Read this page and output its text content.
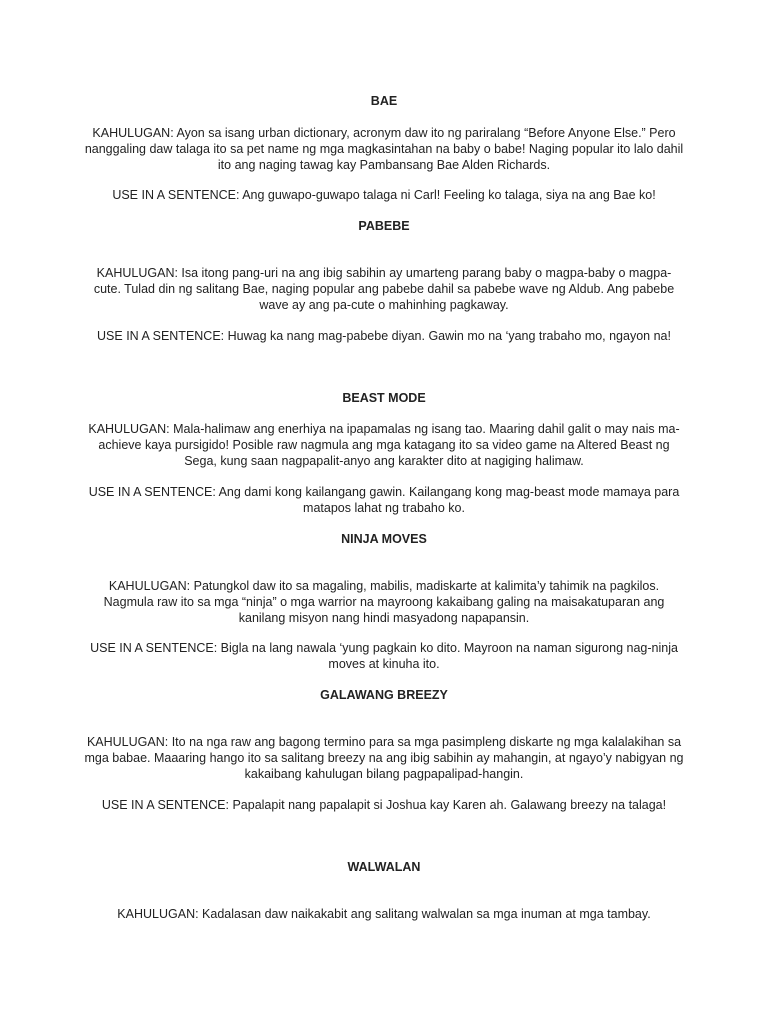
BAE

KAHULUGAN: Ayon sa isang urban dictionary, acronym daw ito ng pariralang “Before Anyone Else.” Pero nanggaling daw talaga ito sa pet name ng mga magkasintahan na baby o babe! Naging popular ito lalo dahil ito ang naging tawag kay Pambansang Bae Alden Richards.

USE IN A SENTENCE: Ang guwapo-guwapo talaga ni Carl! Feeling ko talaga, siya na ang Bae ko!

PABEBE

KAHULUGAN: Isa itong pang-uri na ang ibig sabihin ay umarteng parang baby o magpa-baby o magpa-cute. Tulad din ng salitang Bae, naging popular ang pabebe dahil sa pabebe wave ng Aldub. Ang pabebe wave ay ang pa-cute o mahinhing pagkaway.

USE IN A SENTENCE: Huwag ka nang mag-pabebe diyan. Gawin mo na ‘yang trabaho mo, ngayon na!

BEAST MODE

KAHULUGAN: Mala-halimaw ang enerhiya na ipapamalas ng isang tao. Maaring dahil galit o may nais ma-achieve kaya pursigido! Posible raw nagmula ang mga katagang ito sa video game na Altered Beast ng Sega, kung saan nagpapalit-anyo ang karakter dito at nagiging halimaw.

USE IN A SENTENCE: Ang dami kong kailangang gawin. Kailangang kong mag-beast mode mamaya para matapos lahat ng trabaho ko.

NINJA MOVES

KAHULUGAN: Patungkol daw ito sa magaling, mabilis, madiskarte at kalimita’y tahimik na pagkilos. Nagmula raw ito sa mga “ninja” o mga warrior na mayroong kakaibang galing na maisakatuparan ang kanilang misyon nang hindi masyadong napapansin.

USE IN A SENTENCE: Bigla na lang nawala ‘yung pagkain ko dito. Mayroon na naman sigurong nag-ninja moves at kinuha ito.

GALAWANG BREEZY

KAHULUGAN: Ito na nga raw ang bagong termino para sa mga pasimpleng diskarte ng mga kalalakihan sa mga babae. Maaaring hango ito sa salitang breezy na ang ibig sabihin ay mahangin, at ngayo’y nabigyan ng kakaibang kahulugan bilang pagpapalipad-hangin.

USE IN A SENTENCE: Papalapit nang papalapit si Joshua kay Karen ah. Galawang breezy na talaga!

WALWALAN

KAHULUGAN: Kadalasan daw naikakabit ang salitang walwalan sa mga inuman at mga tambay.
